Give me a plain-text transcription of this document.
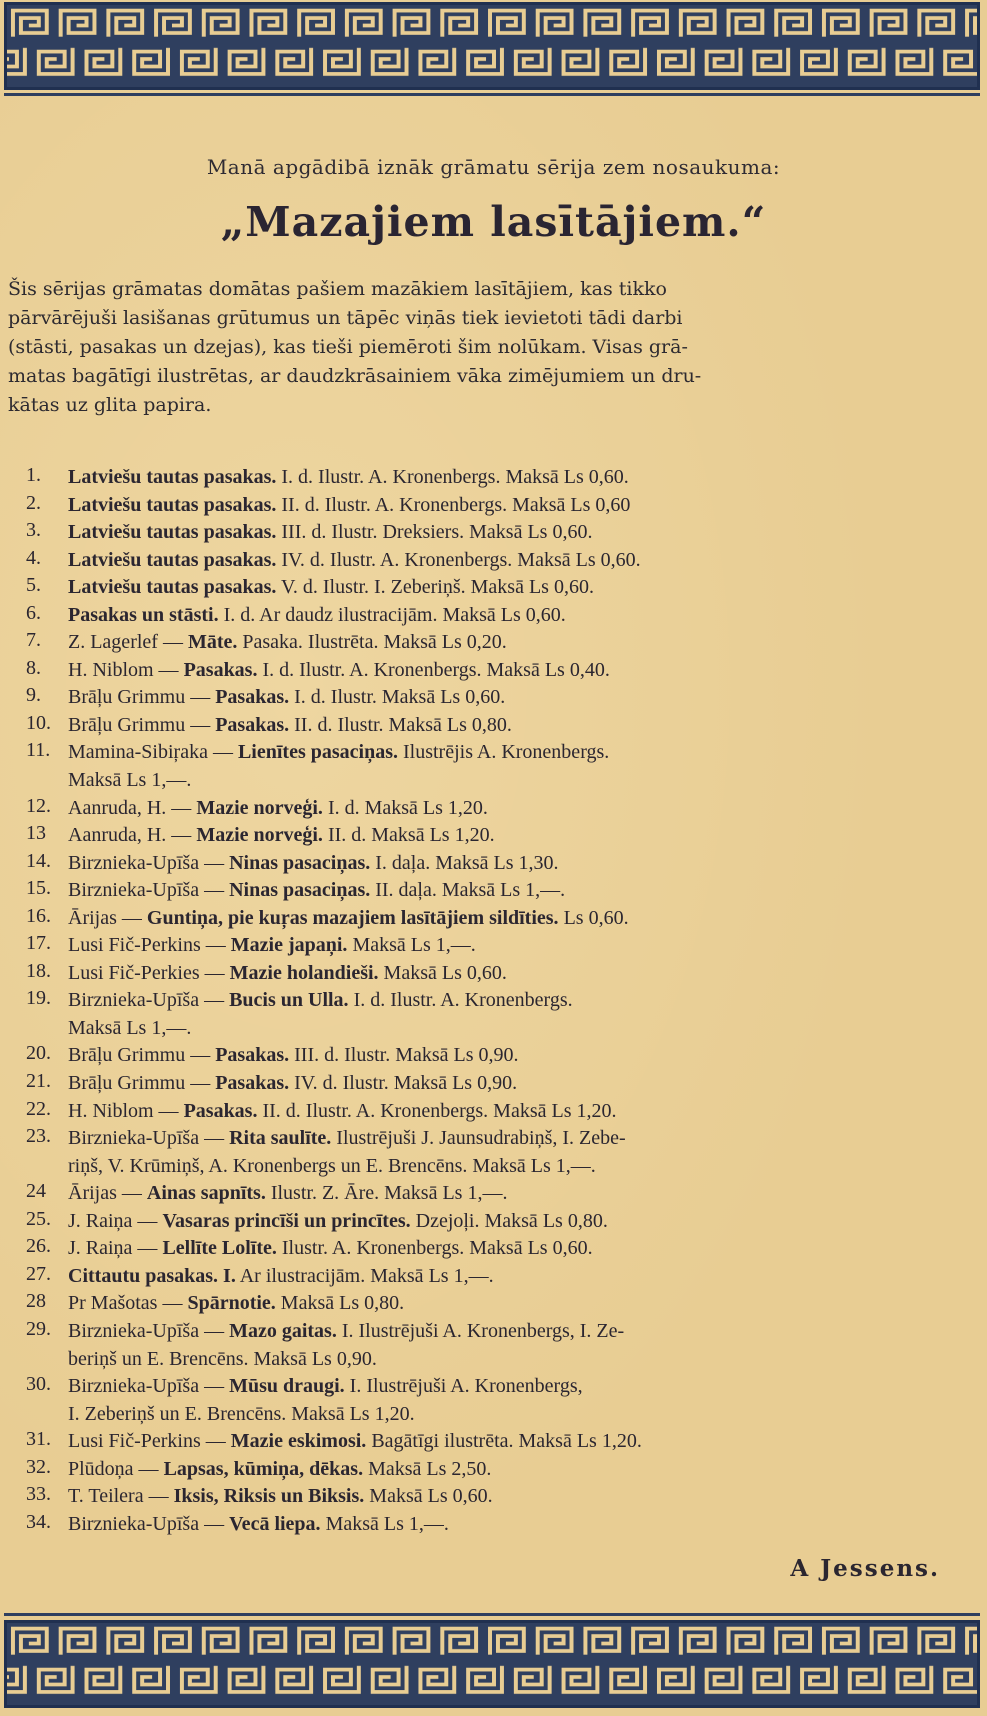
Manā apgādibā iznāk grāmatu sērija zem nosaukuma:
„Mazajiem lasītājiem.“
Šis sērijas grāmatas domātas pašiem mazākiem lasītājiem, kas tikko
pārvārējuši lasišanas grūtumus un tāpēc viņās tiek ievietoti tādi darbi
(stāsti, pasakas un dzejas), kas tieši piemēroti šim nolūkam. Visas grā-
matas bagātīgi ilustrētas, ar daudzkrāsainiem vāka zimējumiem un dru-
kātas uz glita papira.
1.	Latviešu tautas pasakas. I. d. Ilustr. A. Kronenbergs. Maksā Ls 0,60.
2.	Latviešu tautas pasakas. II. d. Ilustr. A. Kronenbergs. Maksā Ls 0,60
3.	Latviešu tautas pasakas. III. d. Ilustr. Dreksiers. Maksā Ls 0,60.
4.	Latviešu tautas pasakas. IV. d. Ilustr. A. Kronenbergs. Maksā Ls 0,60.
5.	Latviešu tautas pasakas. V. d. Ilustr. I. Zeberiņš. Maksā Ls 0,60.
6.	Pasakas un stāsti. I. d. Ar daudz ilustracijām. Maksā Ls 0,60.
7.	Z. Lagerlef — Māte. Pasaka. Ilustrēta. Maksā Ls 0,20.
8.	H. Niblom — Pasakas. I. d. Ilustr. A. Kronenbergs. Maksā Ls 0,40.
9.	Brāļu Grimmu — Pasakas. I. d. Ilustr. Maksā Ls 0,60.
10. Brāļu Grimmu — Pasakas. II. d. Ilustr. Maksā Ls 0,80.
11. Mamina-Sibiŗaka — Lienītes pasaciņas. Ilustrējis A. Kronenbergs.
Maksā Ls 1,—.
12. Aanruda, H. — Mazie norveģi. I. d. Maksā Ls 1,20.
13	Aanruda, H. — Mazie norveģi. II. d. Maksā Ls 1,20.
14. Birznieka-Upīša — Ninas pasaciņas. I. daļa. Maksā Ls 1,30.
15. Birznieka-Upīša — Ninas pasaciņas. II. daļa. Maksā Ls 1,—.
16. Ārijas — Guntiņa, pie kuŗas mazajiem lasītājiem sildīties. Ls 0,60.
17. Lusi Fič-Perkins — Mazie japaņi. Maksā Ls 1,—.
18. Lusi Fič-Perkies — Mazie holandieši. Maksā Ls 0,60.
19. Birznieka-Upīša — Bucis un Ulla. I. d. Ilustr. A. Kronenbergs.
Maksā Ls 1,—.
20. Brāļu Grimmu — Pasakas. III. d. Ilustr. Maksā Ls 0,90.
21. Brāļu Grimmu — Pasakas. IV. d. Ilustr. Maksā Ls 0,90.
22. H. Niblom — Pasakas. II. d. Ilustr. A. Kronenbergs. Maksā Ls 1,20.
23. Birznieka-Upīša — Rita saulīte. Ilustrējuši J. Jaunsudrabiņš, I. Zebe-
riņš, V. Krūmiņš, A. Kronenbergs un E. Brencēns. Maksā Ls 1,—.
24	Ārijas — Ainas sapnīts. Ilustr. Z. Āre. Maksā Ls 1,—.
25. J. Raiņa — Vasaras princīši un princītes. Dzejoļi. Maksā Ls 0,80.
26. J. Raiņa — Lellīte Lolīte. Ilustr. A. Kronenbergs. Maksā Ls 0,60.
27. Cittautu pasakas. I. Ar ilustracijām. Maksā Ls 1,—.
28	Pr Mašotas — Spārnotie. Maksā Ls 0,80.
29. Birznieka-Upīša — Mazo gaitas. I. Ilustrējuši A. Kronenbergs, I. Ze-
beriņš un E. Brencēns. Maksā Ls 0,90.
30. Birznieka-Upīša — Mūsu draugi. I. Ilustrējuši A. Kronenbergs,
I. Zeberiņš un E. Brencēns. Maksā Ls 1,20.
31. Lusi Fič-Perkins — Mazie eskimosi. Bagātīgi ilustrēta. Maksā Ls 1,20.
32. Plūdoņa — Lapsas, kūmiņa, dēkas. Maksā Ls 2,50.
33. T. Teilera — Iksis, Riksis un Biksis. Maksā Ls 0,60.
34. Birznieka-Upīša — Vecā liepa. Maksā Ls 1,—.
A Jessens.
